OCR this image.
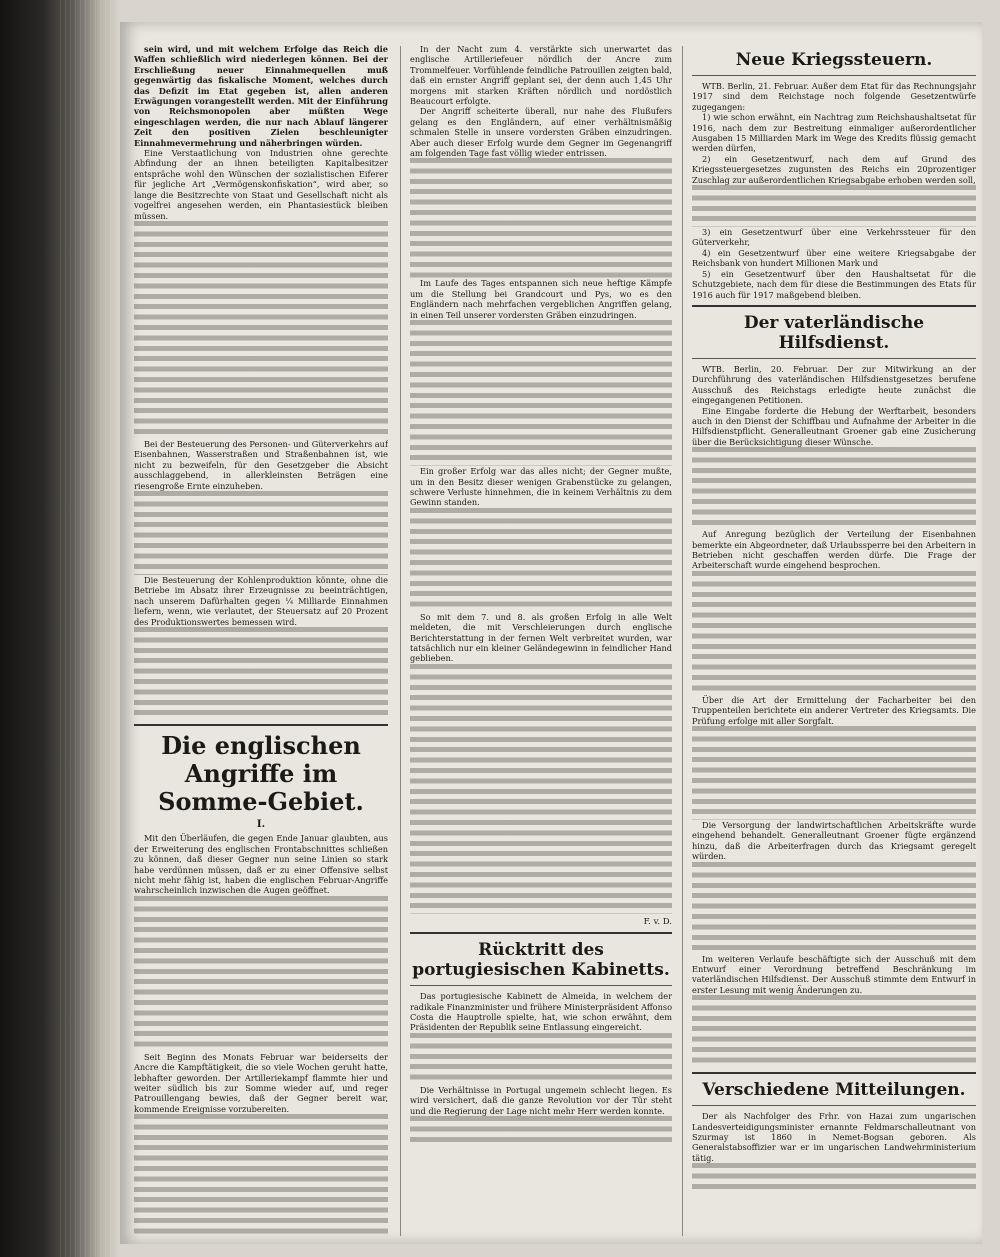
sein wird, und mit welchem Erfolge das Reich die Waffen schließlich wird niederlegen können. Bei der Erschließung neuer Einnahmequellen muß gegenwärtig das fiskalische Moment, welches durch das Defizit im Etat gegeben ist, allen anderen Erwägungen vorangestellt werden. Mit der Einführung von Reichsmonopolen aber müßten Wege eingeschlagen werden, die nur nach Ablauf längerer Zeit den positiven Zielen beschleunigter Einnahmevermehrung und näherbringen würden.

Eine Verstaatlichung von Industrien ohne gerechte Abfindung der an ihnen beteiligten Kapitalbesitzer entspräche wohl den Wünschen der sozialistischen Eiferer für jegliche Art „Vermögenskonfiskation“, wird aber, so lange die Besitzrechte von Staat und Gesellschaft nicht als vogelfrei angesehen werden, ein Phantasiestück bleiben müssen.

Bei der Besteuerung des Personen- und Güterverkehrs auf Eisenbahnen, Wasserstraßen und Straßenbahnen ist, wie nicht zu bezweifeln, für den Gesetzgeber die Absicht ausschlaggebend, in allerkleinsten Beträgen eine riesengroße Ernte einzuheben.

Die Besteuerung der Kohlenproduktion könnte, ohne die Betriebe im Absatz ihrer Erzeugnisse zu beeinträchtigen, nach unserem Dafürhalten gegen ¼ Milliarde Einnahmen liefern, wenn, wie verlautet, der Steuersatz auf 20 Prozent des Produktionswertes bemessen wird.

Die englischen Angriffe im Somme-Gebiet.
I.

Mit den Überläufen, die gegen Ende Januar glaubten, aus der Erweiterung des englischen Frontabschnittes schließen zu können, daß dieser Gegner nun seine Linien so stark habe verdünnen müssen, daß er zu einer Offensive selbst nicht mehr fähig ist, haben die englischen Februar-Angriffe wahrscheinlich inzwischen die Augen geöffnet.

Seit Beginn des Monats Februar war beiderseits der Ancre die Kampftätigkeit, die so viele Wochen geruht hatte, lebhafter geworden. Der Artilleriekampf flammte hier und weiter südlich bis zur Somme wieder auf, und reger Patrouillengang bewies, daß der Gegner bereit war, kommende Ereignisse vorzubereiten.

In der Nacht zum 4. verstärkte sich unerwartet das englische Artilleriefeuer nördlich der Ancre zum Trommelfeuer. Vorfühlende feindliche Patrouillen zeigten bald, daß ein ernster Angriff geplant sei, der denn auch 1,45 Uhr morgens mit starken Kräften nördlich und nordöstlich Beaucourt erfolgte.

Der Angriff scheiterte überall, nur nahe des Flußufers gelang es den Engländern, auf einer verhältnismäßig schmalen Stelle in unsere vordersten Gräben einzudringen. Aber auch dieser Erfolg wurde dem Gegner im Gegenangriff am folgenden Tage fast völlig wieder entrissen.

Im Laufe des Tages entspannen sich neue heftige Kämpfe um die Stellung bei Grandcourt und Pys, wo es den Engländern nach mehrfachen vergeblichen Angriffen gelang, in einen Teil unserer vordersten Gräben einzudringen.

Ein großer Erfolg war das alles nicht; der Gegner mußte, um in den Besitz dieser wenigen Grabenstücke zu gelangen, schwere Verluste hinnehmen, die in keinem Verhältnis zu dem Gewinn standen.

So mit dem 7. und 8. als großen Erfolg in alle Welt meldeten, die mit Verschleierungen durch englische Berichterstattung in der fernen Welt verbreitet wurden, war tatsächlich nur ein kleiner Geländegewinn in feindlicher Hand geblieben.

F. v. D.
Rücktritt des portugiesischen Kabinetts.

Das portugiesische Kabinett de Almeida, in welchem der radikale Finanzminister und frühere Ministerpräsident Affonso Costa die Hauptrolle spielte, hat, wie schon erwähnt, dem Präsidenten der Republik seine Entlassung eingereicht.

Die Verhältnisse in Portugal ungemein schlecht liegen. Es wird versichert, daß die ganze Revolution vor der Tür steht und die Regierung der Lage nicht mehr Herr werden konnte.

Neue Kriegssteuern.

WTB. Berlin, 21. Februar. Außer dem Etat für das Rechnungsjahr 1917 sind dem Reichstage noch folgende Gesetzentwürfe zugegangen:

1) wie schon erwähnt, ein Nachtrag zum Reichshaushaltsetat für 1916, nach dem zur Bestreitung einmaliger außerordentlicher Ausgaben 15 Milliarden Mark im Wege des Kredits flüssig gemacht werden dürfen,

2) ein Gesetzentwurf, nach dem auf Grund des Kriegssteuergesetzes zugunsten des Reichs ein 20prozentiger Zuschlag zur außerordentlichen Kriegsabgabe erhoben werden soll,

3) ein Gesetzentwurf über eine Verkehrssteuer für den Güterverkehr,

4) ein Gesetzentwurf über eine weitere Kriegsabgabe der Reichsbank von hundert Millionen Mark und

5) ein Gesetzentwurf über den Haushaltsetat für die Schutzgebiete, nach dem für diese die Bestimmungen des Etats für 1916 auch für 1917 maßgebend bleiben.

Der vaterländische Hilfsdienst.

WTB. Berlin, 20. Februar. Der zur Mitwirkung an der Durchführung des vaterländischen Hilfsdienstgesetzes berufene Ausschuß des Reichstags erledigte heute zunächst die eingegangenen Petitionen.

Eine Eingabe forderte die Hebung der Werftarbeit, besonders auch in den Dienst der Schiffbau und Aufnahme der Arbeiter in die Hilfsdienstpflicht. Generalleutnant Groener gab eine Zusicherung über die Berücksichtigung dieser Wünsche.

Auf Anregung bezüglich der Verteilung der Eisenbahnen bemerkte ein Abgeordneter, daß Urlaubssperre bei den Arbeitern in Betrieben nicht geschaffen werden dürfe. Die Frage der Arbeiterschaft wurde eingehend besprochen.

Über die Art der Ermittelung der Facharbeiter bei den Truppenteilen berichtete ein anderer Vertreter des Kriegsamts. Die Prüfung erfolge mit aller Sorgfalt.

Die Versorgung der landwirtschaftlichen Arbeitskräfte wurde eingehend behandelt. Generalleutnant Groener fügte ergänzend hinzu, daß die Arbeiterfragen durch das Kriegsamt geregelt würden.

Im weiteren Verlaufe beschäftigte sich der Ausschuß mit dem Entwurf einer Verordnung betreffend Beschränkung im vaterländischen Hilfsdienst. Der Ausschuß stimmte dem Entwurf in erster Lesung mit wenig Änderungen zu.

Verschiedene Mitteilungen.

Der als Nachfolger des Frhr. von Hazai zum ungarischen Landesverteidigungsminister ernannte Feldmarschalleutnant von Szurmay ist 1860 in Nemet-Bogsan geboren. Als Generalstabsoffizier war er im ungarischen Landwehrministerium tätig.
